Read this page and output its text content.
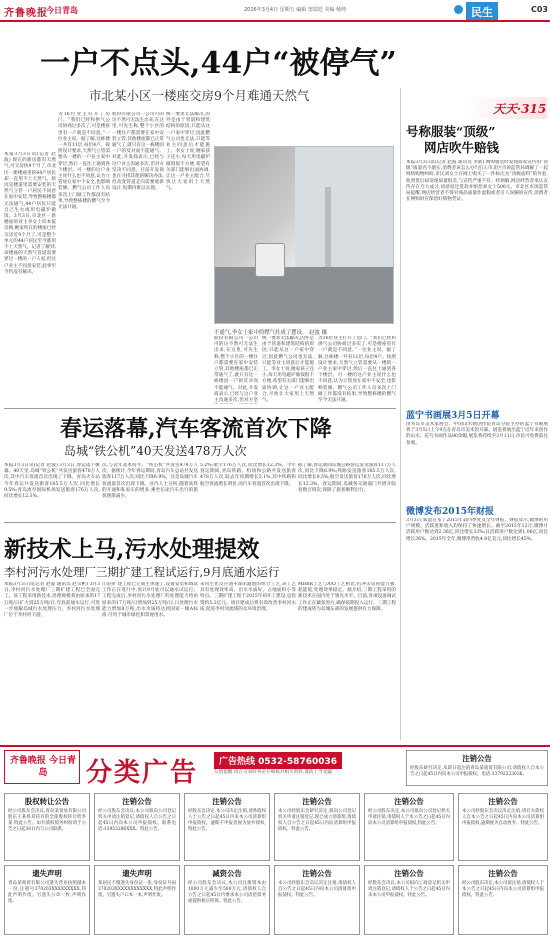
齐鲁晚报
今日青岛	2016年3月4日 星期五 编辑 窦瑞廷 美编 杨帅	民生	C03
一户不点头,44户“被停气”
市北某小区一楼座交房9个月难通天然气
本报3月3日讯(记者 赵波) 现在的新房都有天然气,可交房快9个月了,市北区一新楼座里的44户居民却一直用不上天然气。原因是楼道里需要安装的天然气立管一户居民不同意在家中安装,导致整栋楼都无法通气,44户居民只能自己生火或用电磁炉做饭。3月3日,市北区一新楼座的业主李女士向本报反映,她家所在的楼座已经交房近9个月了,可是整个单元的44户居民至今都用不上天然气。记者了解到,该楼座的天然气管道需要穿过一楼的一户人家,但这户业主不同意安装,此事至今仍没有解决。
为16位业主打开了房门。“我们已经和供气公司协商过多次了,可是楼座里有一户就是不同意。”一位业主说。据了解,这栋楼一共有11层,每层4户。按照设计要求,天然气立管需要从一楼的一户业主家中穿过,然后一直往上通到各个楼层。可一楼的这户业主说什么也不同意,认为立管放在家中不安全,也影响装修。燃气公司工作人员多次上门做工作都没有结果,导致整栋楼的燃气至今无法开通。
股份有限公司一公司可的这不然可无法生出来,在这里,可先生称,整个小区的一楼住户都需要在家中安装立管,其他楼座都已正常通气了,就只有这一栋楼因一户的反对而不能通气。对此,开发商表示,已经与这户业主沟通多次,但对方坚决不同意。目前开发商也在寻找其他的解决办法,但改变管道走向需要重新设计,短期内难以实现。
统一要求无法解决,因外是由于管道和建筑结构的原因,只能从这一户家中穿过,因此燃气公司也无法,只能等业主同意后才能施工。李女士说,她家孩子还小,每天用电磁炉做饭很不方便,希望有关部门能够出面协调,让这一户业主配合,尽快让大家用上天然气。
不通气,李女士家中的燃气灶成了摆设。 赵波 摄
股份有限公司一公司可的这不然可无法生出来,在这里,可先生称,整个小区的一楼住户都需要在家中安装立管,其他楼座都已正常通气了,就只有这一栋楼因一户的反对而不能通气。对此,开发商表示,已经与这户业主沟通多次,但对方坚
统一要求无法解决,因外是由于管道和建筑结构的原因,只能从这一户家中穿过,因此燃气公司也无法,只能等业主同意后才能施工。李女士说,她家孩子还小,每天用电磁炉做饭很不方便,希望有关部门能够出面协调,让这一户业主配合,尽快让大家用上天然气。
为16位业主打开了房门。“我们已经和供气公司协商过多次了,可是楼座里有一户就是不同意。”一位业主说。据了解,这栋楼一共有11层,每层4户。按照设计要求,天然气立管需要从一楼的一户业主家中穿过,然后一直往上通到各个楼层。可一楼的这户业主说什么也不同意,认为立管放在家中不安全,也影响装修。燃气公司工作人员多次上门做工作都没有结果,导致整栋楼的燃气至今无法开通。
春运落幕,汽车客流首次下降
岛城“铁公机”40天发送478万人次
本报3月3日讯(记者 赵波) 3月3日,春运落下帷幕。40天里,岛城“铁公机”共发送旅客478万人次,其中汽车客流首次出现了下降。青岛火车站今年春运共发送旅客185.5万人次,同比增长9.5%;青岛流亭国际机场发送旅客176万人次,同比增长12.3%。
次,与去年基本持平。“铁公机”共发送478万人次。据统计,今年春运期间,青岛汽车总站共发送旅客117万人次,同比下降6.9%。这是岛城汽车客流量首次出现下降。业内人士分析,随着高铁的开通和私家车的增多,乘坐长途汽车出行的旅客逐渐减少。
5.2%;航空176万人次,同比增长12.3%。今年春运期间,青岛铁路、机场和公路共发送旅客478万人次,较去年同期增长5.1%,其中铁路和航空客流增长明显,而汽车客流首次出现下降。
据了解,春运期间岛城公路客运发送旅客117万人次,同比下降6.9%;铁路发送旅客185.5万人次,同比增长9.5%;航空发送旅客176万人次,同比增长12.3%。春运期间,岛城各交通部门共增开临客数百班次,保障了旅客顺利出行。
新技术上马,污水处理提效
李村河污水处理厂三期扩建工程试运行,9月底通水运行
本报3月3日讯(记者 赵波 通讯员 赵宗彬) 3月3日,李村河污水处理厂三期扩建工程已全面完工。该工程采用新技术,处理规模将由原来的17万吨/日扩大到25万吨/日,年底前通水运行,可进一步缓解岛城污水处理压力。李村河污水处理厂位于李村河下游。
/日的扩建工程已完成主体施工,设备安装和调试工作正在进行中,预计9月底可以通水试运行。工程完成后,李村河污水处理厂的处理能力将由原来的17万吨/日增加到25万吨/日,日处理污水能力增加8万吨,出水水质将达到国家一级A标准,可用于城市绿化和景观用水。
采用生化反应池+深床滤池的组合工艺,该工艺具有处理效率高、出水水质好、占地面积小等特点。三期扩建工程于2015年初开工建设,总投资约5.2亿元。项目建成后将有效改善李村河水质,促进李村河流域的水环境治理。
MBBR工艺与A/O工艺相比,抗冲击负荷能力强,耗能低,处理效果稳定。据介绍,三期工程采用的新技术在国内处于领先水平。目前,各项设备调试工作正在紧张进行,确保按期投入运行。三期工程的建成将为岛城东部的发展提供有力保障。
天天·315
号称服装“顶级”
网店吹牛赔钱
本报3月3日讯(记者 赵波 通讯员 李新) 网购服装时发现商家宣传的“顶级”质量名不副实,消费者该怎么办?近日,市北区市场监管局调解了一起网络购物纠纷,市民刘女士在网上购买了一件标注为“顶级面料”的外套,收到货后却发现质量很差,与宣传严重不符。经调解,网店经营者承认宣传存在夸大成分,同意退还货款并赔偿刘女士500元。市北区市场监管局提醒,网店经营者不得对商品质量作虚假或者引人误解的宣传,消费者在网购时应保留好购物凭证。
蓝宁书画展3月5日开幕
由青岛市美术家协会、中国山水画创作院青岛分院主办的蓝宁书画展将于3月5日上午9点在青岛市美术馆开幕。展览将展出蓝宁近年来创作的山水、花鸟书画作品80余幅,展览将持续至3月11日,市民可免费前往参观。
微博发布2015年财报
3月3日,新浪宣布了2015年第四季度及全年财报。财报显示,微博的用户规模、活跃度和收入均保持了快速增长。截至2015年12月,微博月活跃用户数达到2.36亿,同比增长33%;日活跃用户数达到1.06亿,同比增长36%。2015年全年,微博净营收4.8亿美元,同比增长45%。
齐鲁晚报 今日青岛	分类广告	广告热线 0532-58760036
友情提醒:请在交易时务必仔细核对相关资料,谨防上当受骗
注销公告
经股东研究决定,从即日起注销青岛某商贸有限公司,请债权人自本公告之日起45日内向本公司申报债权。电话:13792323036。
股权转让公告
经公司股东会决议,青岛某贸易有限公司股东王某将其持有的全部股权转让给李某,特此公告。如有债权债务纠纷请于公告之日起30日内与公司联系。
注销公告
经公司股东会决议,本公司拟向公司登记机关申请注销登记,请债权人自公告之日起45日内向本公司申报债权。联系电话:13953286XXX。特此公告。
注销公告
经股东会决定,本公司决定注销,请各债权人于公告之日起45日内来本公司清算组申报债权。逾期不申报者视为放弃债权,特此公告。
注销公告
本公司经股东会研究决定,拟向公司登记机关申请注销登记,现已成立清算组,请债权人自公告之日起45日内向清算组申报债权。特此公告。
注销公告
经公司股东决定,本公司拟向公司登记机关申请注销,请债权人于本公告之日起45日内向本公司清算组申报债权,特此公告。
注销公告
本公司经股东会决议决定注销,请有关债权人自本公告之日起45日内向本公司清算组申报债权,逾期视为自动放弃。特此公告。
遗失声明
青岛某商贸有限公司遗失营业执照副本一份,注册号370203XXXXXXXXX,特此声明作废。另遗失公章一枚,声明作废。
遗失声明
某居民不慎遗失身份证一张,身份证号码370203XXXXXXXXXXXX,特此声明作废。另遗失户口本一本,声明作废。
减资公告
经公司股东会决议,本公司注册资本由1000万元减少至500万元,请债权人自公告之日起45日内要求本公司清偿债务或提供相应担保。特此公告。
注销公告
本公司经股东会决议决定注销,请债权人自公告之日起45日内向本公司清算组申报债权。特此公告。
注销公告
经股东会决议,本公司拟向工商登记机关申请注销登记,请债权人于公告之日起45日内来本公司申报债权。特此公告。
注销公告
经公司股东决定,本公司拟注销,请债权人于本公告之日起45日内向本公司清算组申报债权。特此公告。
